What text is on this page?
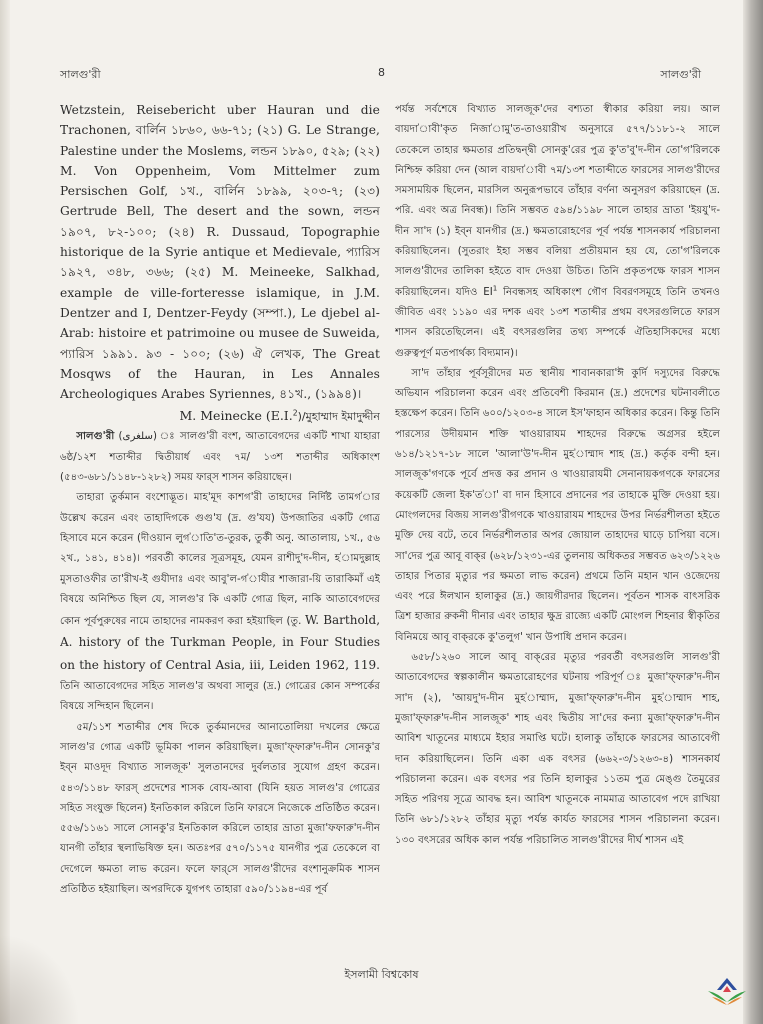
সালগু'রী	8	সালগু'রী

Wetzstein, Reisebericht uber Hauran und die Trachonen, বার্লিন ১৮৬০, ৬৬-৭১; (২১) G. Le Strange, Palestine under the Moslems, লন্ডন ১৮৯০, ৫২৯; (২২) M. Von Oppenheim, Vom Mittelmer zum Persischen Golf, ১খ., বার্লিন ১৮৯৯, ২০৩-৭; (২৩) Gertrude Bell, The desert and the sown, লন্ডন ১৯০৭, ৮২-১০০; (২৪) R. Dussaud, Topographie historique de la Syrie antique et Medievale, প্যারিস ১৯২৭, ৩৪৮, ৩৬৬; (২৫) M. Meineeke, Salkhad, example de ville-forteresse islamique, in J.M. Dentzer and I, Dentzer-Feydy (সম্পা.), Le djebel al-Arab: histoire et patrimoine ou musee de Suweida, প্যারিস ১৯৯১. ৯৩ - ১০০; (২৬) ঐ লেখক, The Great Mosqws of the Hauran, in Les Annales Archeologiques Arabes Syriennes, ৪১খ., (১৯৯৪)।

M. Meinecke (E.I.$^2$)/মুহাম্মাদ ইমাদুদ্দীন

সালগু'রী (سلغرى) ঃ সালগু'রী বংশ, আতাবেগদের একটি শাখা যাহারা ৬ষ্ঠ/১২শ শতাব্দীর দ্বিতীয়ার্ধ এবং ৭ম/ ১৩শ শতাব্দীর অধিকাংশ (৫৪৩-৬৮১/১১৪৮-১২৮২) সময় ফার্‌স শাসন করিয়াছেন।

তাহারা তুর্কমান বংশোদ্ভূত। মাহ'মূদ কাশগ'রী তাহাদের নির্দিষ্ট তামগ'ার উল্লেখ করেন এবং তাহাদিগকে গুগু'য (দ্র. গু'যয) উপজাতির একটি গোত্র হিসাবে মনে করেন (দীওয়ান লুগ'াতি'ত-তুরক, তুর্কী অনু. আতালায়, ১খ., ৫৬ ২খ., ১৪১, ৪১৪)। পরবর্তী কালের সূত্রসমূহ, যেমন রাশীদু'দ-দীন, হ'ামদুল্লাহ মুসতাওফীর তা'রীখ-ই গুযীদাঃ এবং আবু'ল-গ'াযীর শাজারা-য়ি তারাকিমাঁ এই বিষয়ে অনিশ্চিত ছিল যে, সালগু'র কি একটি গোত্র ছিল, নাকি আতাবেগদের কোন পূর্বপুরুষের নামে তাহাদের নামকরণ করা হইয়াছিল (তু. W. Barthold, A. history of the Turkman People, in Four Studies on the history of Central Asia, iii, Leiden 1962, 119. তিনি আতাবেগদের সহিত সালগু'র অথবা সালুর (দ্র.) গোত্রের কোন সম্পর্কের বিষয়ে সন্দিহান ছিলেন।

৫ম/১১শ শতাব্দীর শেষ দিকে তুর্কমানদের আনাতোলিয়া দখলের ক্ষেত্রে সালগু'র গোত্র একটি ভূমিকা পালন করিয়াছিল। মুজা'ফ্ফারু'দ-দীন সোনকু'র ইব্‌ন মাওদূদ বিখ্যাত সালজূক' সুলতানদের দুর্বলতার সুযোগ গ্রহণ করেন। ৫৪৩/১১৪৮ ফারস্‌ প্রদেশের শাসক বোয-আবা (যিনি হয়ত সালগু'র গোত্রের সহিত সংযুক্ত ছিলেন) ইনতিকাল করিলে তিনি ফারসে নিজেকে প্রতিষ্ঠিত করেন। ৫৫৬/১১৬১ সালে সোনকু'র ইনতিকাল করিলে তাহার ভ্রাতা মুজা'ফফারু'দ-দীন যানগী তাঁহার স্থলাভিষিক্ত হন। অতঃপর ৫৭০/১১৭৫ যানগীর পুত্র তেকেলে বা দেগেলে ক্ষমতা লাভ করেন। ফলে ফার্‌সে সালগু'রীদের বংশানুক্রমিক শাসন প্রতিষ্ঠিত হইয়াছিল। অপরদিকে যুগপৎ তাহারা ৫৯০/১১৯৪-এর পূর্ব

পর্যন্ত সর্বশেষে বিখ্যাত সালজূক'দের বশ্যতা স্বীকার করিয়া লয়। আল বায়দা'াবী'কৃত নিজা'ামু'ত-তাওয়ারীখ অনুসারে ৫৭৭/১১৮১-২ সালে তেকেলে তাহার ক্ষমতার প্রতিদ্বন্দ্বী সোনকু'রের পুত্র কু'ত'বু'দ-দীন তো'গ'রিলকে নিশ্চিহ্ন করিয়া দেন (আল বায়দা'াবী ৭ম/১৩শ শতাব্দীতে ফারসের সালগু'রীদের সমসাময়িক ছিলেন, মারসিল অনুরূপভাবে তাঁহার বর্ণনা অনুসরণ করিয়াছেন (দ্র. পরি. এবং অত্র নিবন্ধ)। তিনি সম্ভবত ৫৯৪/১১৯৮ সালে তাহার ভ্রাতা 'ইয়যু'দ-দীন সা'দ (১) ইব্‌ন যানগীর (দ্র.) ক্ষমতারোহণের পূর্ব পর্যন্ত শাসনকার্য পরিচালনা করিয়াছিলেন। (সুতরাং ইহা সম্ভব বলিয়া প্রতীয়মান হয় যে, তো'গ'রিলকে সালগু'রীদের তালিকা হইতে বাদ দেওয়া উচিত। তিনি প্রকৃতপক্ষে ফারস শাসন করিয়াছিলেন। যদিও $EI^1$ নিবন্ধসহ অধিকাংশ গৌণ বিবরণসমূহে তিনি তখনও জীবিত এবং ১১৯০ এর দশক এবং ১৩শ শতাব্দীর প্রথম বৎসরগুলিতে ফারস শাসন করিতেছিলেন। এই বৎসরগুলির তথ্য সম্পর্কে ঐতিহাসিকদের মধ্যে গুরুত্বপূর্ণ মতপার্থক্য বিদ্যমান)।

সা'দ তাঁহার পূর্বসূরীদের মত স্থানীয় শাবানকারা'ঈ কুর্দি দস্যুদের বিরুদ্ধে অভিযান পরিচালনা করেন এবং প্রতিবেশী কিরমান (দ্র.) প্রদেশের ঘটনাবলীতে হস্তক্ষেপ করেন। তিনি ৬০০/১২০৩-৪ সালে ইস'ফাহান অধিকার করেন। কিন্তু তিনি পারস্যের উদীয়মান শক্তি খাওয়ারাযম শাহদের বিরুদ্ধে অগ্রসর হইলে ৬১৪/১২১৭-১৮ সালে 'আলা'উ'দ-দীন মুহ'াম্মাদ শাহ (দ্র.) কর্তৃক বন্দী হন। সালজূক'গণকে পূর্বে প্রদত্ত কর প্রদান ও খাওয়ারাযমী সেনানায়কগণকে ফারসের কয়েকটি জেলা ইক'ত'া' বা দান হিসাবে প্রদানের পর তাহাকে মুক্তি দেওয়া হয়। মোংগলদের বিজয় সালগু'রীগণকে খাওয়ারাযম শাহদের উপর নির্ভরশীলতা হইতে মুক্তি দেয় বটে, তবে নির্ভরশীলতার অপর জোয়াল তাহাদের ঘাড়ে চাপিয়া বসে। সা'দের পুত্র আবূ বাক্‌র (৬২৮/১২৩১-এর তুলনায় অধিকতর সম্ভবত ৬২৩/১২২৬ তাহার পিতার মৃত্যুর পর ক্ষমতা লাভ করেন) প্রথমে তিনি মহান খান ওজেদেয় এবং পরে ঈলখান হালাকুর (দ্র.) জায়গীরদার ছিলেন। পূর্বতন শাসক বাৎসরিক ত্রিশ হাজার রুকনী দীনার এবং তাহার ক্ষুদ্র রাজ্যে একটি মোংগল শিহনার স্বীকৃতির বিনিময়ে আবূ বাক্‌রকে কু'তলুগ' খান উপাধি প্রদান করেন।

৬৫৮/১২৬০ সালে আবূ বাক্‌রের মৃত্যুর পরবর্তী বৎসরগুলি সালগু'রী আতাবেগদের স্বল্পকালীন ক্ষমতারোহণের ঘটনায় পরিপূর্ণ ঃ মুজা'ফ্ফারু'দ-দীন সা'দ (২), 'আয়দু'দ-দীন মুহ'াম্মাদ, মুজা'ফ্ফারু'দ-দীন মুহ'াম্মাদ শাহ, মুজা'ফ্ফারু'দ-দীন সালজূক' শাহ এবং দ্বিতীয় সা'দের কন্যা মুজা'ফ্ফারু'দ-দীন আবিশ খাতূনের মাধ্যমে ইহার সমাপ্তি ঘটে। হালাকু তাঁহাকে ফারসের আতাবেগী দান করিয়াছিলেন। তিনি একা এক বৎসর (৬৬২-৩/১২৬৩-৪) শাসনকার্য পরিচালনা করেন। এক বৎসর পর তিনি হালাকুর ১১তম পুত্র মেঙ্গু তৈমুরের সহিত পরিণয় সূত্রে আবদ্ধ হন। আবিশ খাতূনকে নামমাত্র আতাবেগ পদে রাখিয়া তিনি ৬৮১/১২৮২ তাঁহার মৃত্যু পর্যন্ত কার্যত ফারসের শাসন পরিচালনা করেন। ১৩০ বৎসরের অধিক কাল পর্যন্ত পরিচালিত সালগু'রীদের দীর্ঘ শাসন এই

ইসলামী বিশ্বকোষ
